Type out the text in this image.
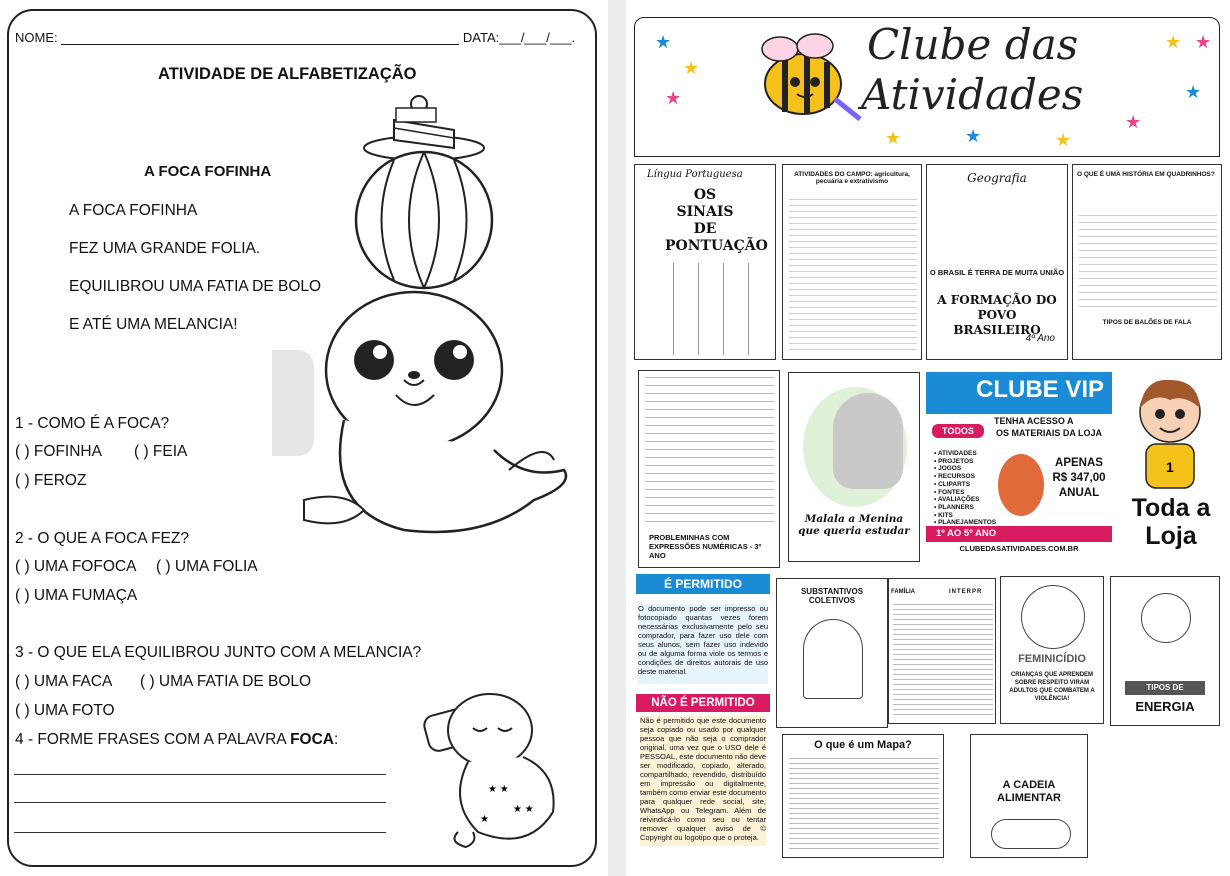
NOME:	DATA:___/___/___.
ATIVIDADE DE ALFABETIZAÇÃO
A FOCA FOFINHA
A FOCA FOFINHA
FEZ UMA GRANDE FOLIA.
EQUILIBROU UMA FATIA DE BOLO
E ATÉ UMA MELANCIA!
1 - COMO É A FOCA?
( ) FOFINHA ( ) FEIA
( ) FEROZ
2 - O QUE A FOCA FEZ?
( ) UMA FOFOCA ( ) UMA FOLIA
( ) UMA FUMAÇA
3 - O QUE ELA EQUILIBROU JUNTO COM A MELANCIA?
( ) UMA FACA ( ) UMA FATIA DE BOLO
( ) UMA FOTO
4 - FORME FRASES COM A PALAVRA FOCA:
★ ★
★ ★
★
Clube das
Atividades
★
★
★
★ ★
★
★
★
★	★
Língua Portuguesa
OS SINAIS DE PONTUAÇÃO
ATIVIDADES DO CAMPO: agricultura, pecuária e extrativismo	Geografia
O BRASIL É TERRA DE MUITA UNIÃO
A FORMAÇÃO DO POVO BRASILEIRO
4º Ano
O QUE É UMA HISTÓRIA EM QUADRINHOS?
TIPOS DE BALÕES DE FALA
PROBLEMINHAS COM EXPRESSÕES NUMÉRICAS - 3º ANO
Malala a Menina que queria estudar
CLUBE VIP
TENHA ACESSO A
TODOS	OS MATERIAIS DA LOJA
• ATIVIDADES
• PROJETOS
• JOGOS
• RECURSOS
• CLIPARTS
• FONTES
• AVALIAÇÕES
• PLANNERS
• KITS
• PLANEJAMENTOS
APENAS
R$ 347,00
ANUAL
1º AO 5º ANO
CLUBEDASATIVIDADES.COM.BR
1
Toda a Loja
É PERMITIDO
O documento pode ser impresso ou fotocopiado quantas vezes forem necessárias exclusivamente pelo seu comprador, para fazer uso dele com seus alunos, sem fazer uso indevido ou de alguma forma viole os termos e condições de direitos autorais de uso deste material.
NÃO É PERMITIDO
Não é permitido que este documento seja copiado ou usado por qualquer pessoa que não seja o comprador original, uma vez que o USO dele é PESSOAL, este documento não deve ser modificado, copiado, alterado, compartilhado, revendido, distribuído em impressão ou digitalmente, também como enviar este documento para qualquer rede social, site, WhatsApp ou Telegram. Além de reivindicá-lo como seu ou tentar remover qualquer aviso de © Copyright ou logotipo que o proteja.
SUBSTANTIVOS COLETIVOS
FAMÍLIA	INTERPR
FEMINICÍDIO
CRIANÇAS QUE APRENDEM SOBRE RESPEITO VIRAM ADULTOS QUE COMBATEM A VIOLÊNCIA!
TIPOS DE
ENERGIA
O que é um Mapa?
A CADEIA ALIMENTAR
